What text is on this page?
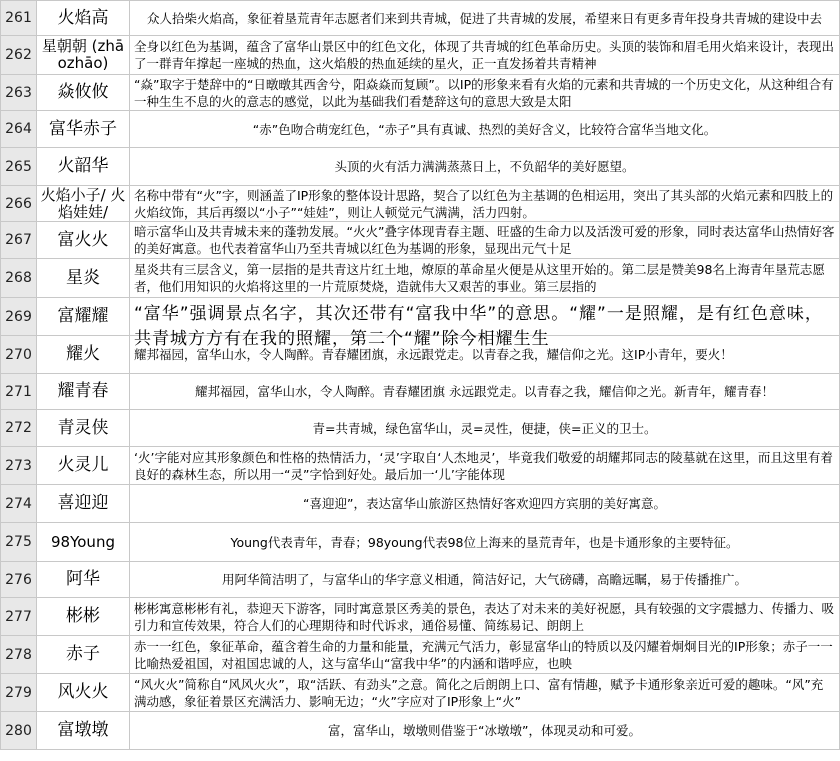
261	火焰高	众人拾柴火焰高，象征着垦荒青年志愿者们来到共青城，促进了共青城的发展，希望来日有更多青年投身共青城的建设中去

262	星朝朝 (zhāozhāo)	全身以红色为基调，蕴含了富华山景区中的红色文化，体现了共青城的红色革命历史。头顶的装饰和眉毛用火焰来设计，表现出了一群青年撑起一座城的热血，这火焰般的热血延续的星火，正一直发扬着共青精神

263	焱攸攸	“焱”取字于楚辞中的“日暾暾其西舍兮，阳焱焱而复顾”。以IP的形象来看有火焰的元素和共青城的一个历史文化，从这种组合有一种生生不息的火的意志的感觉，以此为基础我们看楚辞这句的意思大致是太阳

264	富华赤子	“赤”色吻合萌宠红色，“赤子”具有真诚、热烈的美好含义，比较符合富华当地文化。

265	火韶华	头顶的火有活力满满蒸蒸日上，不负韶华的美好愿望。

266	火焰小子/ 火焰娃娃/	名称中带有“火”字，则涵盖了IP形象的整体设计思路，契合了以红色为主基调的色相运用，突出了其头部的火焰元素和四肢上的火焰纹饰，其后再缀以“小子”“娃娃”，则让人顿觉元气满满，活力四射。

267	富火火	暗示富华山及共青城未来的蓬勃发展。“火火”叠字体现青春主题、旺盛的生命力以及活泼可爱的形象，同时表达富华山热情好客的美好寓意。也代表着富华山乃至共青城以红色为基调的形象，显现出元气十足

268	星炎	星炎共有三层含义，第一层指的是共青这片红土地，燎原的革命星火便是从这里开始的。第二层是赞美98名上海青年垦荒志愿者，他们用知识的火焰将这里的一片荒原焚烧，造就伟大又艰苦的事业。第三层指的

269	富耀耀	“富华”强调景点名字，其次还带有“富我中华”的意思。“耀”一是照耀，是有红色意味，共青城方方有在我的照耀，第二个“耀”除今相耀生生

270	耀火	耀邦福园，富华山水，令人陶醉。青春耀团旗，永远跟党走。以青春之我，耀信仰之光。这IP小青年，要火！

271	耀青春	耀邦福园，富华山水，令人陶醉。青春耀团旗 永远跟党走。以青春之我，耀信仰之光。新青年，耀青春！

272	青灵侠	青=共青城，绿色富华山，灵=灵性，便捷，侠=正义的卫士。

273	火灵儿	‘火’字能对应其形象颜色和性格的热情活力，‘灵’字取自‘人杰地灵’，毕竟我们敬爱的胡耀邦同志的陵墓就在这里，而且这里有着良好的森林生态，所以用一“灵”字恰到好处。最后加一‘儿’字能体现

274	喜迎迎	“喜迎迎”，表达富华山旅游区热情好客欢迎四方宾朋的美好寓意。

275	98Young	Young代表青年，青春；98young代表98位上海来的垦荒青年，也是卡通形象的主要特征。

276	阿华	用阿华简洁明了，与富华山的华字意义相通，简洁好记，大气磅礴，高瞻远瞩，易于传播推广。

277	彬彬	彬彬寓意彬彬有礼，恭迎天下游客，同时寓意景区秀美的景色，表达了对未来的美好祝愿，具有较强的文字震撼力、传播力、吸引力和宣传效果，符合人们的心理期待和时代诉求，通俗易懂、简练易记、朗朗上

278	赤子	赤一一红色，象征革命，蕴含着生命的力量和能量，充满元气活力，彰显富华山的特质以及闪耀着炯炯目光的IP形象；赤子一一比喻热爱祖国，对祖国忠诚的人，这与富华山“富我中华”的内涵和谐呼应，也映

279	风火火	“风火火”简称自“风风火火”，取“活跃、有劲头”之意。简化之后朗朗上口、富有情趣，赋予卡通形象亲近可爱的趣味。“风”充满动感，象征着景区充满活力、影响无边；“火”字应对了IP形象上“火”

280	富墩墩	富，富华山，墩墩则借鉴于“冰墩墩”，体现灵动和可爱。
